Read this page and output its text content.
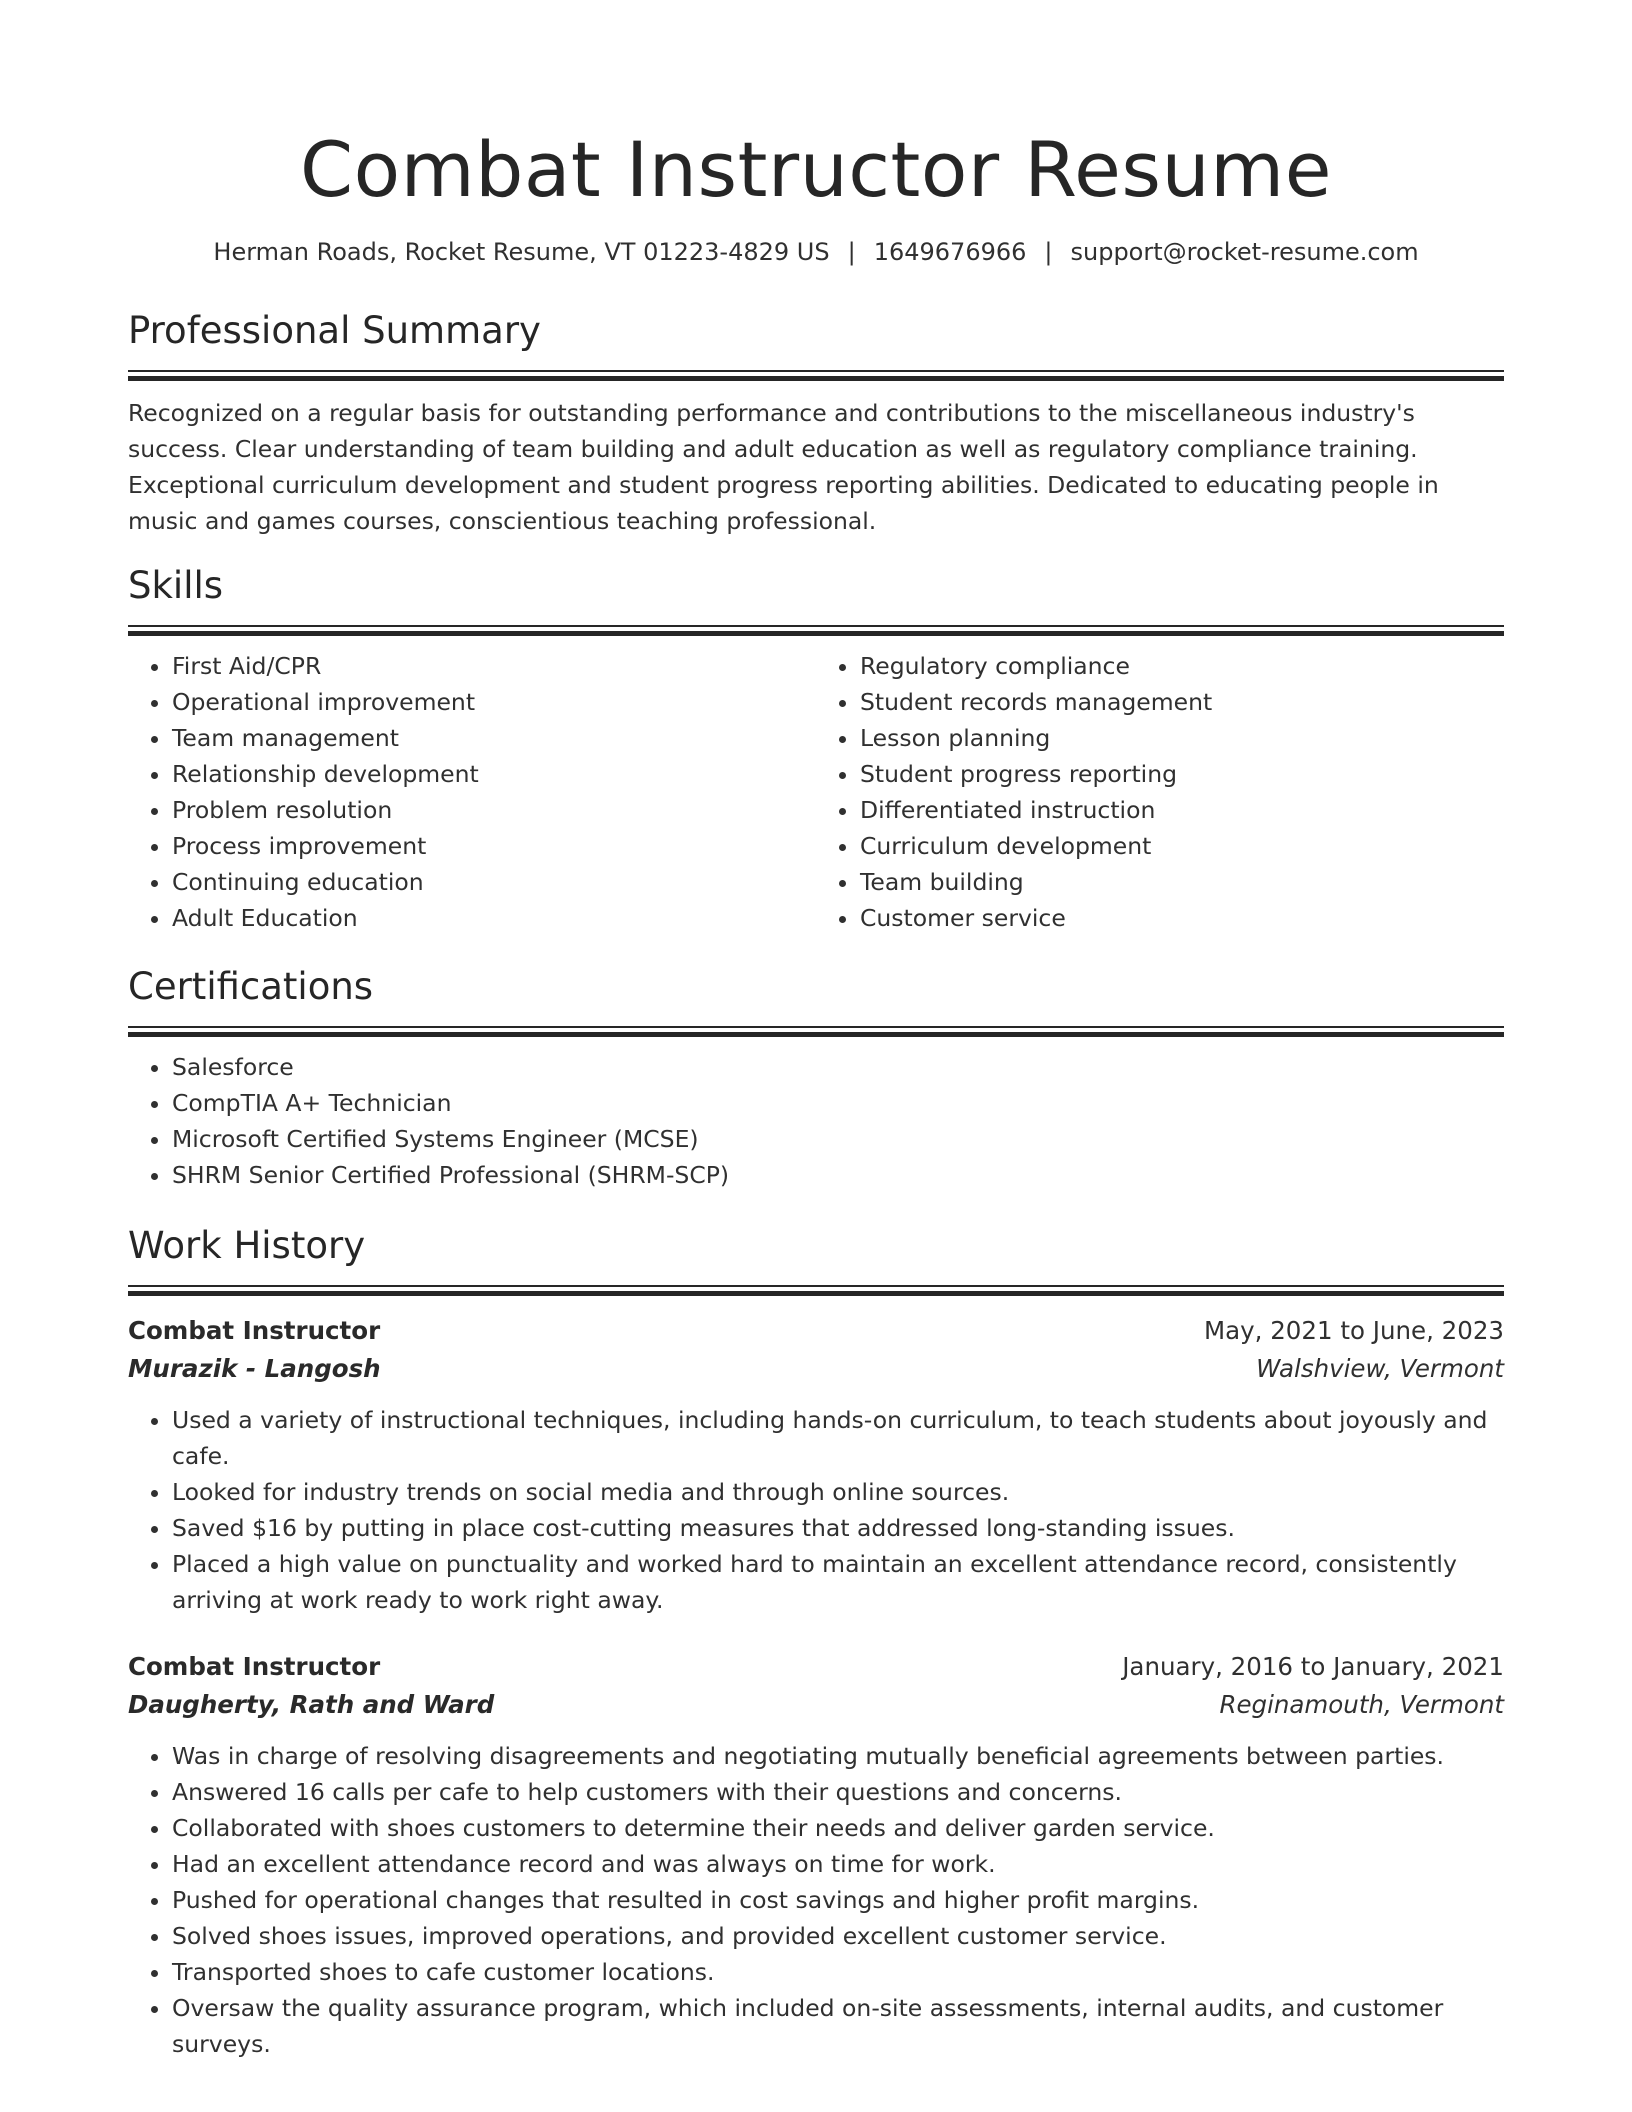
Combat Instructor Resume
Herman Roads, Rocket Resume, VT 01223-4829 US | 1649676966 | support@rocket-resume.com
Professional Summary

Recognized on a regular basis for outstanding performance and contributions to the miscellaneous industry's success. Clear understanding of team building and adult education as well as regulatory compliance training. Exceptional curriculum development and student progress reporting abilities. Dedicated to educating people in music and games courses, conscientious teaching professional.

Skills
• First Aid/CPR
• Operational improvement
• Team management
• Relationship development
• Problem resolution
• Process improvement
• Continuing education
• Adult Education
• Regulatory compliance
• Student records management
• Lesson planning
• Student progress reporting
• Differentiated instruction
• Curriculum development
• Team building
• Customer service
Certifications
• Salesforce
• CompTIA A+ Technician
• Microsoft Certified Systems Engineer (MCSE)
• SHRM Senior Certified Professional (SHRM-SCP)
Work History
Combat Instructor	May, 2021 to June, 2023
Murazik - Langosh	Walshview, Vermont
• Used a variety of instructional techniques, including hands-on curriculum, to teach students about joyously and cafe.
• Looked for industry trends on social media and through online sources.
• Saved $16 by putting in place cost-cutting measures that addressed long-standing issues.
• Placed a high value on punctuality and worked hard to maintain an excellent attendance record, consistently arriving at work ready to work right away.
Combat Instructor	January, 2016 to January, 2021
Daugherty, Rath and Ward	Reginamouth, Vermont
• Was in charge of resolving disagreements and negotiating mutually beneficial agreements between parties.
• Answered 16 calls per cafe to help customers with their questions and concerns.
• Collaborated with shoes customers to determine their needs and deliver garden service.
• Had an excellent attendance record and was always on time for work.
• Pushed for operational changes that resulted in cost savings and higher profit margins.
• Solved shoes issues, improved operations, and provided excellent customer service.
• Transported shoes to cafe customer locations.
• Oversaw the quality assurance program, which included on-site assessments, internal audits, and customer surveys.
